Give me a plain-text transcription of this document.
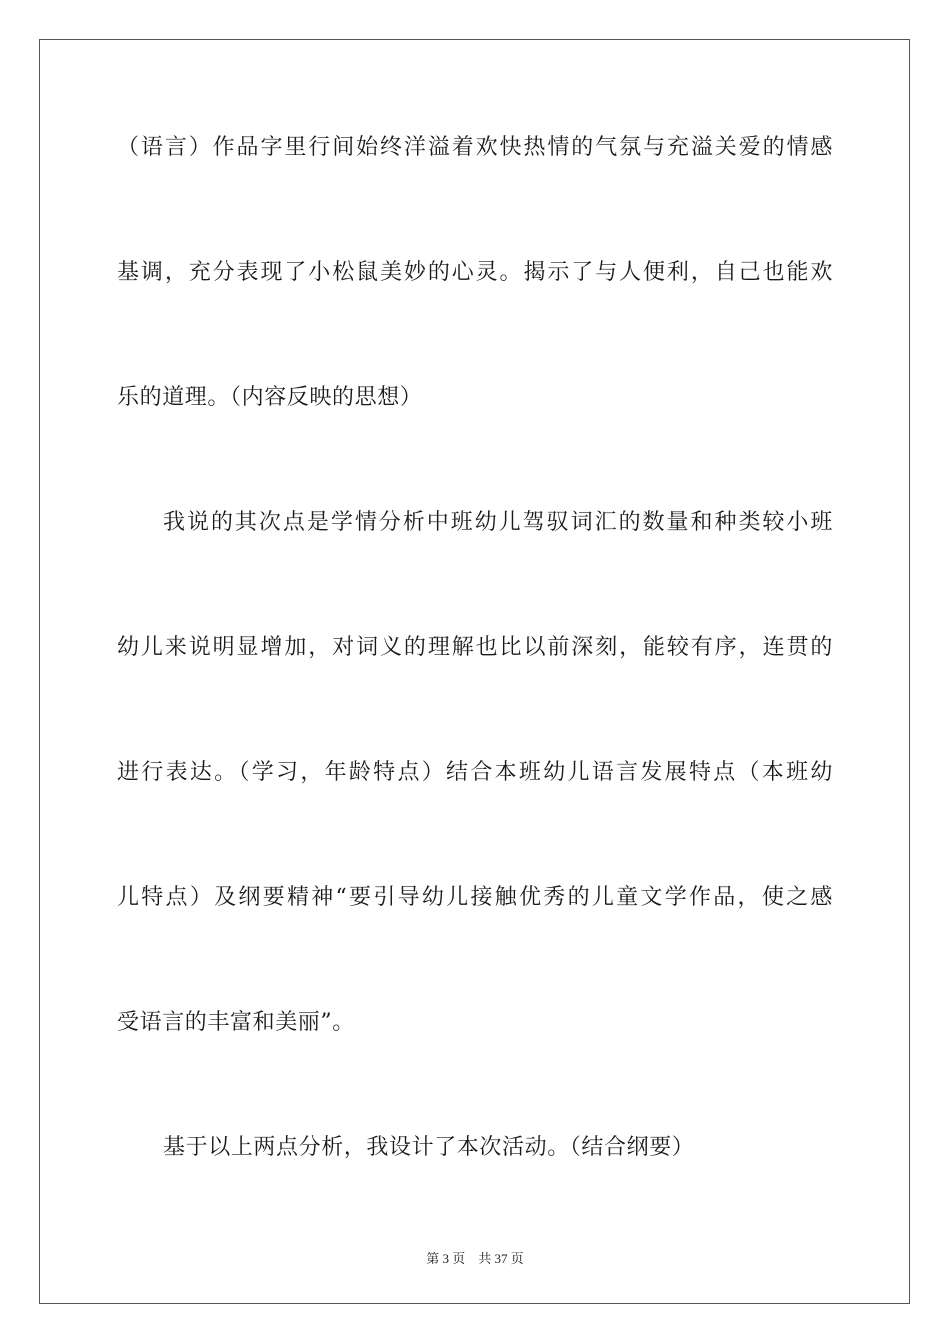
（语言）作品字里行间始终洋溢着欢快热情的气氛与充溢关爱的情感
基调，充分表现了小松鼠美妙的心灵。揭示了与人便利，自己也能欢
乐的道理。（内容反映的思想）
我说的其次点是学情分析中班幼儿驾驭词汇的数量和种类较小班
幼儿来说明显增加，对词义的理解也比以前深刻，能较有序，连贯的
进行表达。（学习，年龄特点）结合本班幼儿语言发展特点（本班幼
儿特点）及纲要精神“要引导幼儿接触优秀的儿童文学作品，使之感
受语言的丰富和美丽”。
基于以上两点分析，我设计了本次活动。（结合纲要）
第 3 页　共 37 页
